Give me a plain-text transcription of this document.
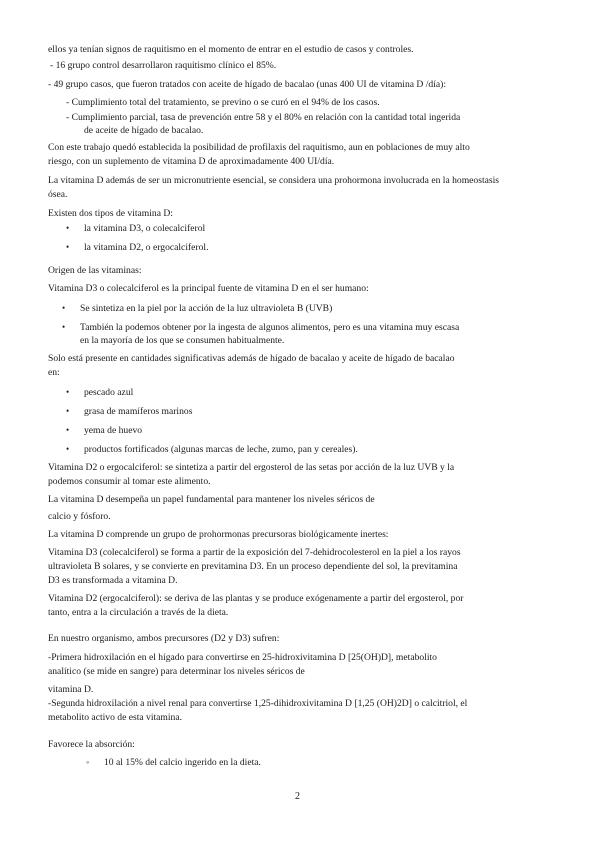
ellos ya tenían signos de raquitismo en el momento de entrar en el estudio de casos y controles.
- 16 grupo control desarrollaron raquitismo clínico el 85%.
- 49 grupo casos, que fueron tratados con aceite de hígado de bacalao (unas 400 UI de vitamina D /día):
- Cumplimiento total del tratamiento, se previno o se curó en el 94% de los casos.
- Cumplimiento parcial, tasa de prevención entre 58 y el 80% en relación con la cantidad total ingerida
de aceite de hígado de bacalao.
Con este trabajo quedó establecida la posibilidad de profilaxis del raquitismo, aun en poblaciones de muy alto
riesgo, con un suplemento de vitamina D de aproximadamente 400 UI/día.
La vitamina D además de ser un micronutriente esencial, se considera una prohormona involucrada en la homeostasis
ósea.
Existen dos tipos de vitamina D:
• la vitamina D3, o colecalciferol
• la vitamina D2, o ergocalciferol.
Origen de las vitaminas:
Vitamina D3 o colecalciferol es la principal fuente de vitamina D en el ser humano:
• Se sintetiza en la piel por la acción de la luz ultravioleta B (UVB)
• También la podemos obtener por la ingesta de algunos alimentos, pero es una vitamina muy escasa
en la mayoría de los que se consumen habitualmente.
Solo está presente en cantidades significativas además de hígado de bacalao y aceite de hígado de bacalao
en:
• pescado azul
• grasa de mamíferos marinos
• yema de huevo
• productos fortificados (algunas marcas de leche, zumo, pan y cereales).
Vitamina D2 o ergocalciferol: se sintetiza a partir del ergosterol de las setas por acción de la luz UVB y la
podemos consumir al tomar este alimento.
La vitamina D desempeña un papel fundamental para mantener los niveles séricos de
calcio y fósforo.
La vitamina D comprende un grupo de prohormonas precursoras biológicamente inertes:
Vitamina D3 (colecalciferol) se forma a partir de la exposición del 7-dehidrocolesterol en la piel a los rayos
ultravioleta B solares, y se convierte en previtamina D3. En un proceso dependiente del sol, la previtamina
D3 es transformada a vitamina D.
Vitamina D2 (ergocalciferol): se deriva de las plantas y se produce exógenamente a partir del ergosterol, por
tanto, entra a la circulación a través de la dieta.
En nuestro organismo, ambos precursores (D2 y D3) sufren:
-Primera hidroxilación en el hígado para convertirse en 25-hidroxivitamina D [25(OH)D], metabolito
analítico (se mide en sangre) para determinar los niveles séricos de
vitamina D.
-Segunda hidroxilación a nivel renal para convertirse 1,25-dihidroxivitamina D [1,25 (OH)2D] o calcitriol, el
metabolito activo de esta vitamina.
Favorece la absorción:
◦ 10 al 15% del calcio ingerido en la dieta.
2
